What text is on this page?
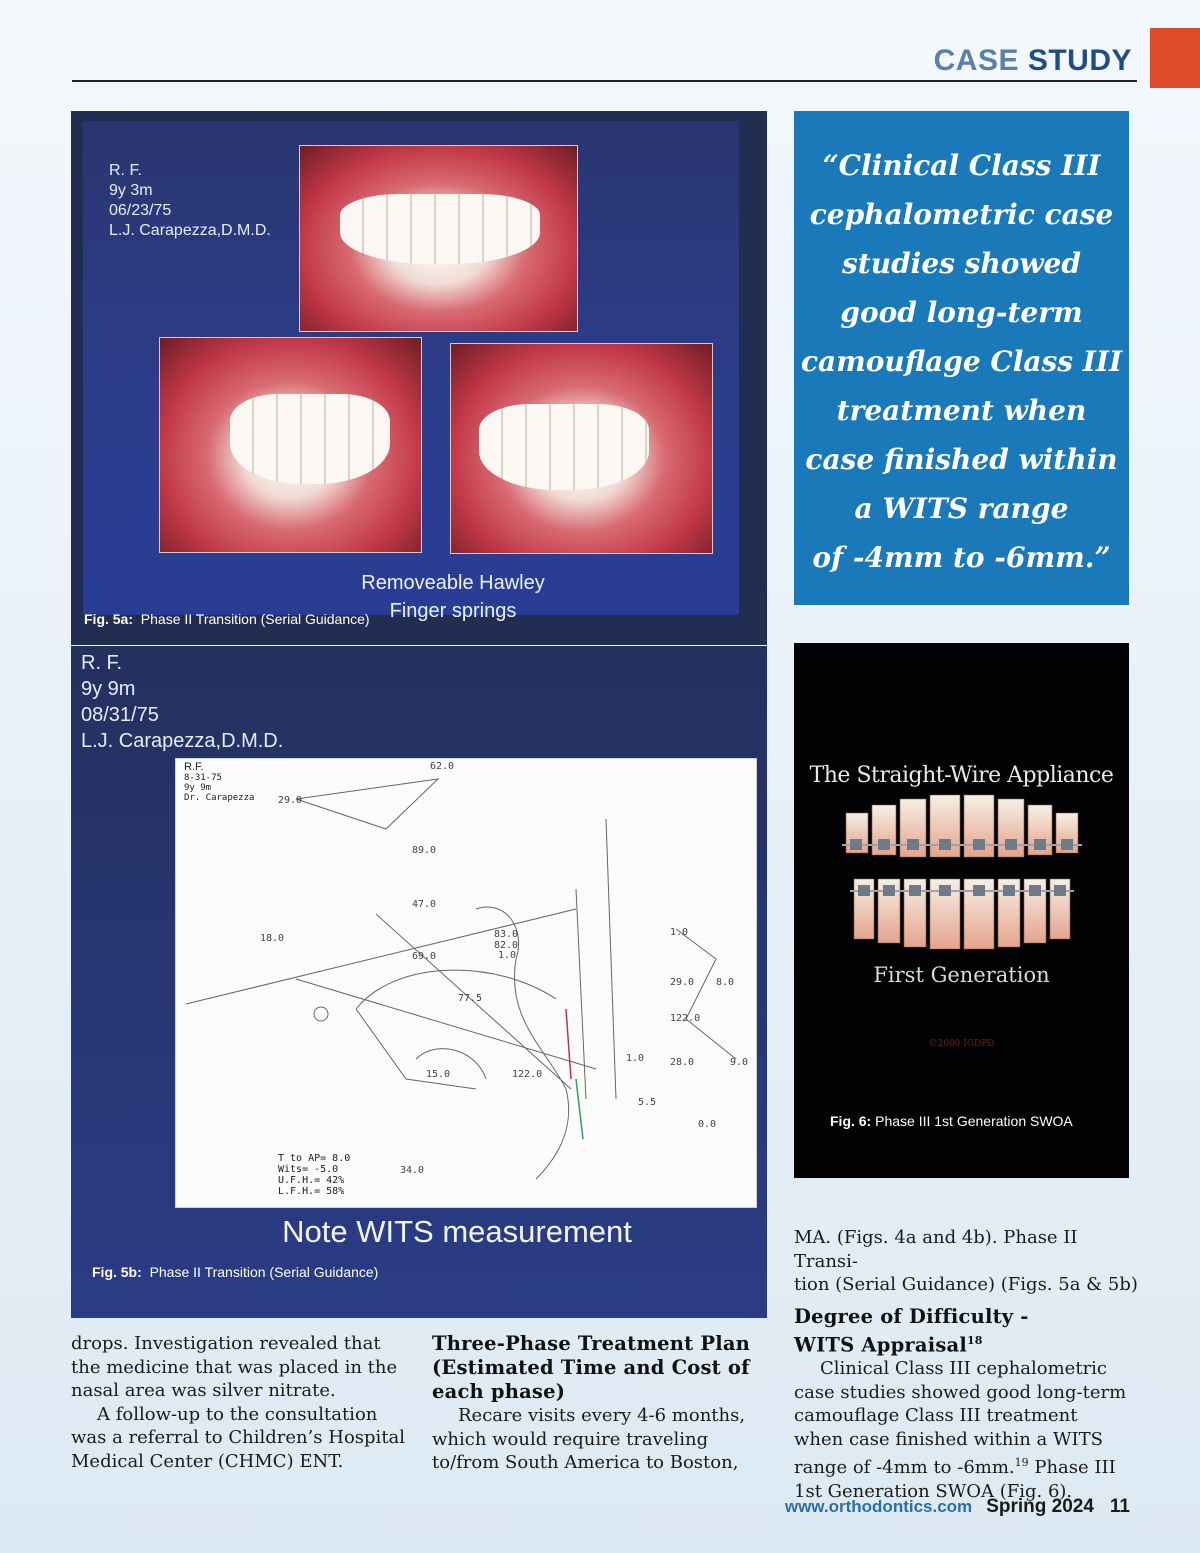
CASE STUDY
R. F.
9y 3m
06/23/75
L.J. Carapezza,D.M.D.
Removeable Hawley
Finger springs
Fig. 5a: Phase II Transition (Serial Guidance)
R. F.
9y 9m
08/31/75
L.J. Carapezza,D.M.D.
R.F.
8-31-75
9y 9m
Dr. Carapezza
62.0
29.0
89.0
47.0
18.0
69.0
83.0
82.0
1.0
1.0
29.0 8.0
77.5
122.0
15.0	122.0
1.0	28.0	9.0
5.5
0.0
34.0
T to AP= 8.0
Wits= -5.0
U.F.H.= 42%
L.F.H.= 58%
Note WITS measurement
Fig. 5b: Phase II Transition (Serial Guidance)
“Clinical Class III
cephalometric case
studies showed
good long-term
camouflage Class III
treatment when
case finished within
a WITS range
of -4mm to -6mm.”
The Straight-Wire Appliance
First Generation
©2000 IGDPD
Fig. 6: Phase III 1st Generation SWOA

drops. Investigation revealed that
the medicine that was placed in the
nasal area was silver nitrate.

A follow-up to the consultation
was a referral to Children’s Hospital
Medical Center (CHMC) ENT.

Three-Phase Treatment Plan
(Estimated Time and Cost of
each phase)
Recare visits every 4-6 months,
which would require traveling
to/from South America to Boston,
MA. (Figs. 4a and 4b). Phase II Transi-
tion (Serial Guidance) (Figs. 5a & 5b)
Degree of Difficulty -
WITS Appraisal$^{18}$
Clinical Class III cephalometric
case studies showed good long-term
camouflage Class III treatment
when case finished within a WITS
range of -4mm to -6mm.$^{19}$ Phase III
1st Generation SWOA (Fig. 6).
www.orthodontics.com Spring 2024 11
